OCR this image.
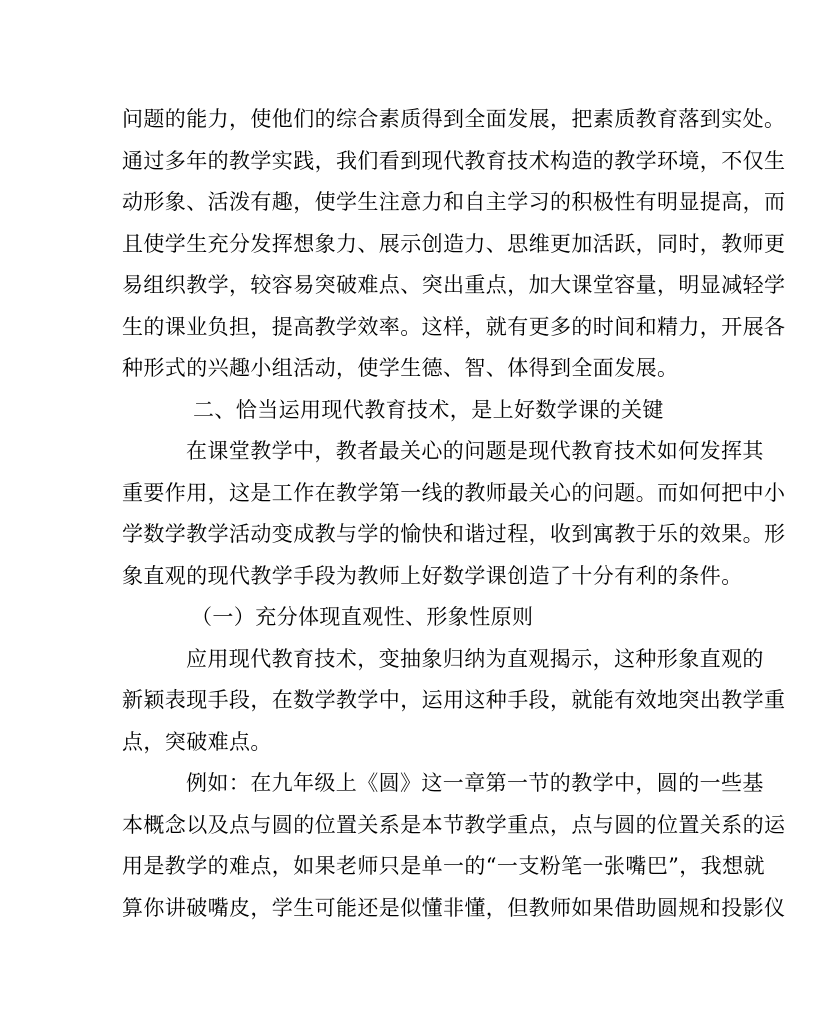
问题的能力，使他们的综合素质得到全面发展，把素质教育落到实处。
通过多年的教学实践，我们看到现代教育技术构造的教学环境，不仅生
动形象、活泼有趣，使学生注意力和自主学习的积极性有明显提高，而
且使学生充分发挥想象力、展示创造力、思维更加活跃，同时，教师更
易组织教学，较容易突破难点、突出重点，加大课堂容量，明显减轻学
生的课业负担，提高教学效率。这样，就有更多的时间和精力，开展各
种形式的兴趣小组活动，使学生德、智、体得到全面发展。
二、恰当运用现代教育技术，是上好数学课的关键
在课堂教学中，教者最关心的问题是现代教育技术如何发挥其
重要作用，这是工作在教学第一线的教师最关心的问题。而如何把中小
学数学教学活动变成教与学的愉快和谐过程，收到寓教于乐的效果。形
象直观的现代教学手段为教师上好数学课创造了十分有利的条件。
（一）充分体现直观性、形象性原则
应用现代教育技术，变抽象归纳为直观揭示，这种形象直观的
新颖表现手段，在数学教学中，运用这种手段，就能有效地突出教学重
点，突破难点。
例如：在九年级上《圆》这一章第一节的教学中，圆的一些基
本概念以及点与圆的位置关系是本节教学重点，点与圆的位置关系的运
用是教学的难点，如果老师只是单一的“一支粉笔一张嘴巴”，我想就
算你讲破嘴皮，学生可能还是似懂非懂，但教师如果借助圆规和投影仪
